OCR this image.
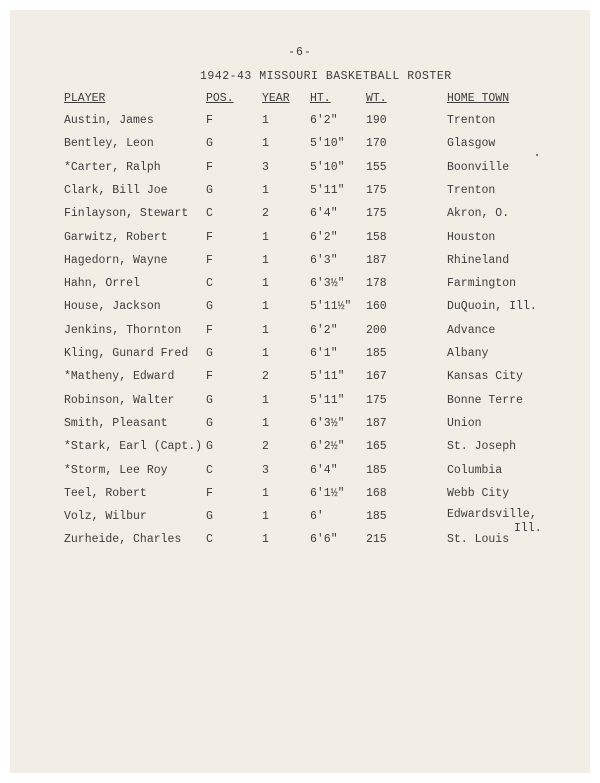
-6-
1942-43 MISSOURI BASKETBALL ROSTER
PLAYER	POS. YEAR HT.	WT.	HOME TOWN
Austin, James	F	1	6'2" 190	Trenton
Bentley, Leon	G	1	5'10" 170	Glasgow
*Carter, Ralph	F	3	5'10" 155	Boonville
Clark, Bill Joe	G	1	5'11" 175	Trenton
Finlayson, Stewart C	2	6'4" 175	Akron, O.
Garwitz, Robert	F	1	6'2" 158	Houston
Hagedorn, Wayne	F	1	6'3" 187	Rhineland
Hahn, Orrel	C	1	6'3½" 178	Farmington
House, Jackson	G	1	5'11½" 160	DuQuoin, Ill.
Jenkins, Thornton F	1	6'2" 200	Advance
Kling, Gunard Fred G	1	6'1" 185	Albany
*Matheny, Edward	F	2	5'11" 167	Kansas City
Robinson, Walter	G	1	5'11" 175	Bonne Terre
Smith, Pleasant	G	1	6'3½" 187	Union
*Stark, Earl (Capt.) G	2	6'2½" 165	St. Joseph
*Storm, Lee Roy	C	3	6'4" 185	Columbia
Teel, Robert	F	1	6'1½" 168	Webb City
Volz, Wilbur	G	1	6'	185	Edwardsville,
Ill.
Zurheide, Charles C	1	6'6" 215	St. Louis
